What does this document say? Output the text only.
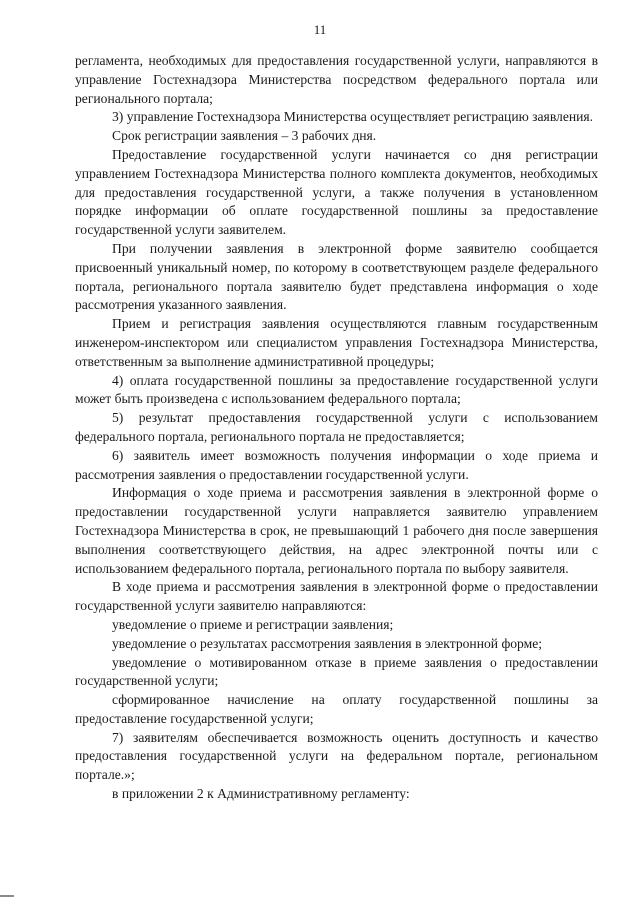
11

регламента, необходимых для предоставления государственной услуги, направляются в управление Гостехнадзора Министерства посредством федерального портала или регионального портала;

3) управление Гостехнадзора Министерства осуществляет регистрацию заявления.

Срок регистрации заявления – 3 рабочих дня.

Предоставление государственной услуги начинается со дня регистрации управлением Гостехнадзора Министерства полного комплекта документов, необходимых для предоставления государственной услуги, а также получения в установленном порядке информации об оплате государственной пошлины за предоставление государственной услуги заявителем.

При получении заявления в электронной форме заявителю сообщается присвоенный уникальный номер, по которому в соответствующем разделе федерального портала, регионального портала заявителю будет представлена информация о ходе рассмотрения указанного заявления.

Прием и регистрация заявления осуществляются главным государственным инженером-инспектором или специалистом управления Гостехнадзора Министерства, ответственным за выполнение административной процедуры;

4) оплата государственной пошлины за предоставление государственной услуги может быть произведена с использованием федерального портала;

5) результат предоставления государственной услуги с использованием федерального портала, регионального портала не предоставляется;

6) заявитель имеет возможность получения информации о ходе приема и рассмотрения заявления о предоставлении государственной услуги.

Информация о ходе приема и рассмотрения заявления в электронной форме о предоставлении государственной услуги направляется заявителю управлением Гостехнадзора Министерства в срок, не превышающий 1 рабочего дня после завершения выполнения соответствующего действия, на адрес электронной почты или с использованием федерального портала, регионального портала по выбору заявителя.

В ходе приема и рассмотрения заявления в электронной форме о предоставлении государственной услуги заявителю направляются:

уведомление о приеме и регистрации заявления;

уведомление о результатах рассмотрения заявления в электронной форме;

уведомление о мотивированном отказе в приеме заявления о предоставлении государственной услуги;

сформированное начисление на оплату государственной пошлины за предоставление государственной услуги;

7) заявителям обеспечивается возможность оценить доступность и качество предоставления государственной услуги на федеральном портале, региональном портале.»;

в приложении 2 к Административному регламенту:
